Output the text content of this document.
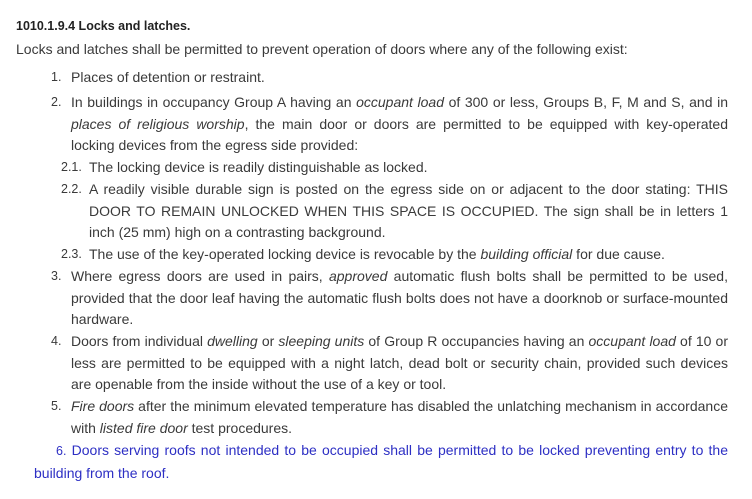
1010.1.9.4 Locks and latches.
Locks and latches shall be permitted to prevent operation of doors where any of the following exist:
1. Places of detention or restraint.
2. In buildings in occupancy Group A having an occupant load of 300 or less, Groups B, F, M and S, and in places of religious worship, the main door or doors are permitted to be equipped with key-operated locking devices from the egress side provided:
2.1. The locking device is readily distinguishable as locked.
2.2. A readily visible durable sign is posted on the egress side on or adjacent to the door stating: THIS DOOR TO REMAIN UNLOCKED WHEN THIS SPACE IS OCCUPIED. The sign shall be in letters 1 inch (25 mm) high on a contrasting background.
2.3. The use of the key-operated locking device is revocable by the building official for due cause.
3. Where egress doors are used in pairs, approved automatic flush bolts shall be permitted to be used, provided that the door leaf having the automatic flush bolts does not have a doorknob or surface-mounted hardware.
4. Doors from individual dwelling or sleeping units of Group R occupancies having an occupant load of 10 or less are permitted to be equipped with a night latch, dead bolt or security chain, provided such devices are openable from the inside without the use of a key or tool.
5. Fire doors after the minimum elevated temperature has disabled the unlatching mechanism in accordance with listed fire door test procedures.
6. Doors serving roofs not intended to be occupied shall be permitted to be locked preventing entry to the building from the roof.
